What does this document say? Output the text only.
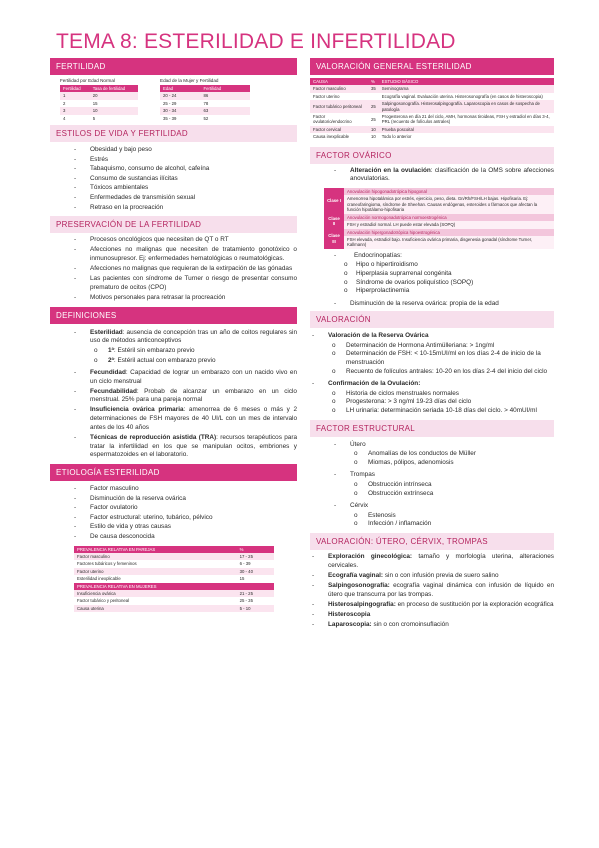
TEMA 8: ESTERILIDAD E INFERTILIDAD
FERTILIDAD
Fertilidad por Edad Normal
Fertilidad	Tasa de fertilidad
1	20
2	15
3	10
4	5
Edad de la Mujer y Fertilidad
Edad	Fertilidad
20 - 24	86
25 - 29	78
30 - 34	63
35 - 39	52
ESTILOS DE VIDA Y FERTILIDAD
- Obesidad y bajo peso
- Estrés
- Tabaquismo, consumo de alcohol, cafeína
- Consumo de sustancias ilícitas
- Tóxicos ambientales
- Enfermedades de transmisión sexual
- Retraso en la procreación
PRESERVACIÓN DE LA FERTILIDAD
- Procesos oncológicos que necesiten de QT o RT
- Afecciones no malignas que necesiten de tratamiento gonotóxico o inmunosupresor. Ej: enfermedades hematológicas o reumatológicas.
- Afecciones no malignas que requieran de la extirpación de las gónadas
- Las pacientes con síndrome de Turner o riesgo de presentar consumo prematuro de ocitos (CPO)
- Motivos personales para retrasar la procreación
DEFINICIONES
- Esterilidad: ausencia de concepción tras un año de coitos regulares sin uso de métodos anticonceptivos
o 1ª: Estéril sin embarazo previo
o 2ª: Estéril actual con embarazo previo
- Fecundidad: Capacidad de lograr un embarazo con un nacido vivo en un ciclo menstrual
- Fecundabilidad: Probab de alcanzar un embarazo en un ciclo menstrual. 25% para una pareja normal
- Insuficiencia ovárica primaria: amenorrea de 6 meses o más y 2 determinaciones de FSH mayores de 40 UI/L con un mes de intervalo antes de los 40 años
- Técnicas de reproducción asistida (TRA): recursos terapéuticos para tratar la infertilidad en los que se manipulan ocitos, embriones y espermatozoides en el laboratorio.
ETIOLOGÍA ESTERILIDAD
- Factor masculino
- Disminución de la reserva ovárica
- Factor ovulatorio
- Factor estructural: uterino, tubárico, pélvico
- Estilo de vida y otras causas
- De causa desconocida
PREVALENCIA RELATIVA EN PAREJAS	%
Factor masculino	17 - 25
Factores tubáricos y femeninos	6 - 39
Factor uterino	30 - 40
Esterilidad inexplicable	15
PREVALENCIA RELATIVA EN MUJERES	
Insuficiencia ovárica	21 - 25
Factor tubárico y peritoneal	25 - 35
Causa uterina	5 - 10
VALORACIÓN GENERAL ESTERILIDAD
CAUSA	%	ESTUDIO BÁSICO
Factor masculino	35	Seminograma
Factor uterino		Ecografía vaginal. Evaluación uterina. Histerosonografía (en casos de histeroscopia)
Factor tubárico peritoneal	25	Salpingosonografía. Histerosalpingografía. Laparoscopia en casos de sospecha de patología
Factor ovulatorio/endocrino	25	Progesterona en día 21 del ciclo, AMH, hormonas tiroideas, FSH y estradiol en días 3-4, PRL (recuento de folículos antrales)
Factor cervical	10	Prueba poscoital
Causa inexplicable	10	Todo lo anterior
FACTOR OVÁRICO
- Alteración en la ovulación: clasificación de la OMS sobre afecciones anovulatorias.
Clase I	Anovulación hipogonadotrópica hipogonal
	Amenorrea hipotalámica por estrés, ejercicio, peso, dieta. Gn/Rh/FSH/LH bajas. Hipofisaria. Ej: craneofaringioma, síndrome de Sheehan. Causas endógenas, esteroides o fármacos que afectan la función hipotálamo-hipofisaria
Clase II	Anovulación normogonadotrópica normoestrogénica
	FSH y estradiol normal. LH puede estar elevada (SOPQ)
Clase III	Anovulación hipergonadotrópica hipoestrogénica
	FSH elevada, estradiol bajo. Insuficiencia ovárica primaria, disgenesia gonadal (síndrome Turner, Kallmann)
- Endocrinopatías:
o Hipo o hipertiroidismo
o Hiperplasia suprarrenal congénita
o Síndrome de ovarios poliquístico (SOPQ)
o Hiperprolactinemia
- Disminución de la reserva ovárica: propia de la edad
VALORACIÓN
- Valoración de la Reserva Ovárica
o Determinación de Hormona Antimülleriana: > 1ng/ml
o Determinación de FSH: < 10-15mUI/ml en los días 2-4 de inicio de la menstruación
o Recuento de folículos antrales: 10-20 en los días 2-4 del inicio del ciclo
- Confirmación de la Ovulación:
o Historia de ciclos menstruales normales
o Progesterona: > 3 ng/ml 19-23 días del ciclo
o LH urinaria: determinación seriada 10-18 días del ciclo. > 40mUI/ml
FACTOR ESTRUCTURAL
- Útero
o Anomalías de los conductos de Müller
o Miomas, pólipos, adenomiosis
- Trompas
o Obstrucción intrínseca
o Obstrucción extrínseca
- Cérvix
o Estenosis
o Infección / inflamación
VALORACIÓN: ÚTERO, CÉRVIX, TROMPAS
- Exploración ginecológica: tamaño y morfología uterina, alteraciones cervicales.
- Ecografía vaginal: sin o con infusión previa de suero salino
- Salpingosonografía: ecografía vaginal dinámica con infusión de líquido en útero que transcurra por las trompas.
- Histerosalpingografía: en proceso de sustitución por la exploración ecográfica
- Histeroscopia
- Laparoscopia: sin o con cromoinsuflación
